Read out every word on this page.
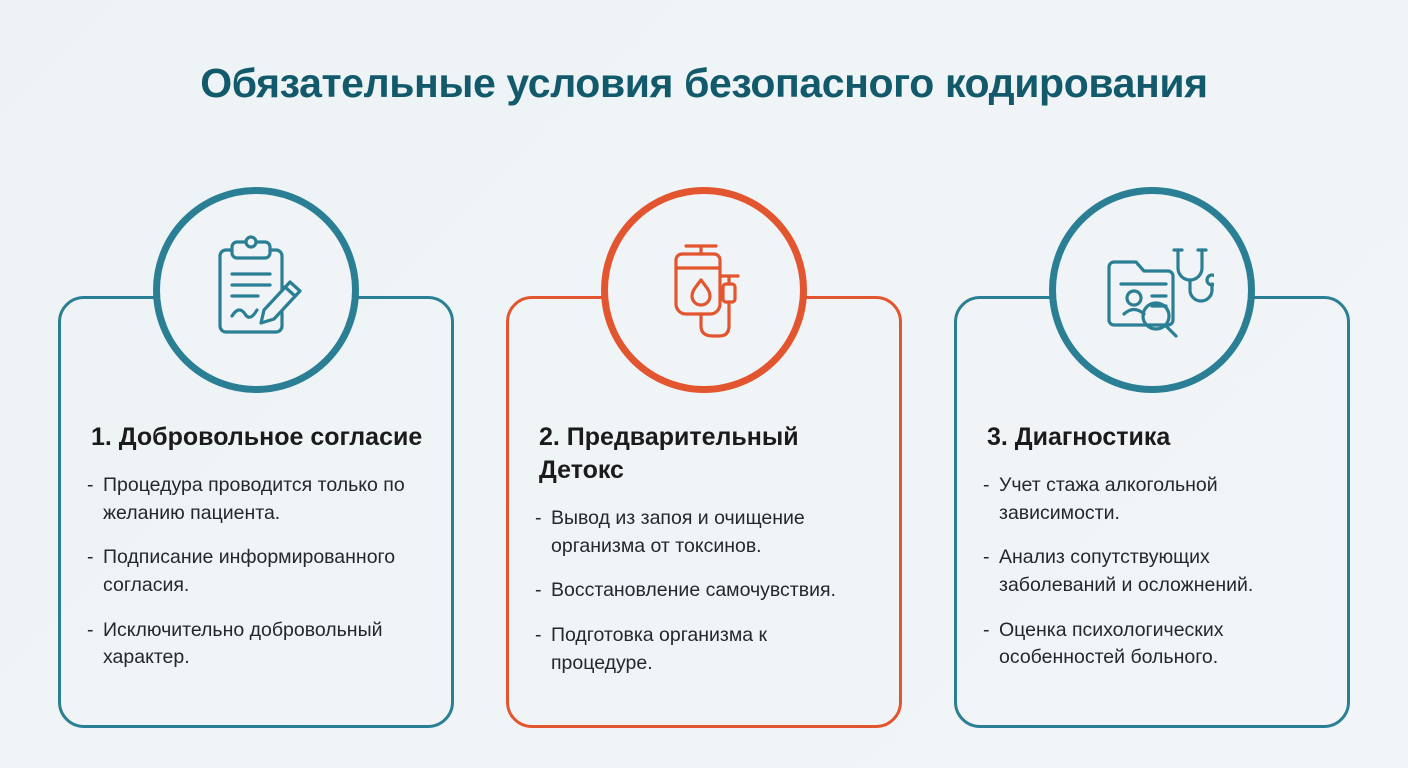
Обязательные условия безопасного кодирования
1. Добровольное согласие
- Процедура проводится только по желанию пациента.
- Подписание информированного согласия.
- Исключительно добровольный характер.
2. Предварительный Детокс
- Вывод из запоя и очищение организма от токсинов.
- Восстановление самочувствия.
- Подготовка организма к процедуре.
3. Диагностика
- Учет стажа алкогольной зависимости.
- Анализ сопутствующих заболеваний и осложнений.
- Оценка психологических особенностей больного.
